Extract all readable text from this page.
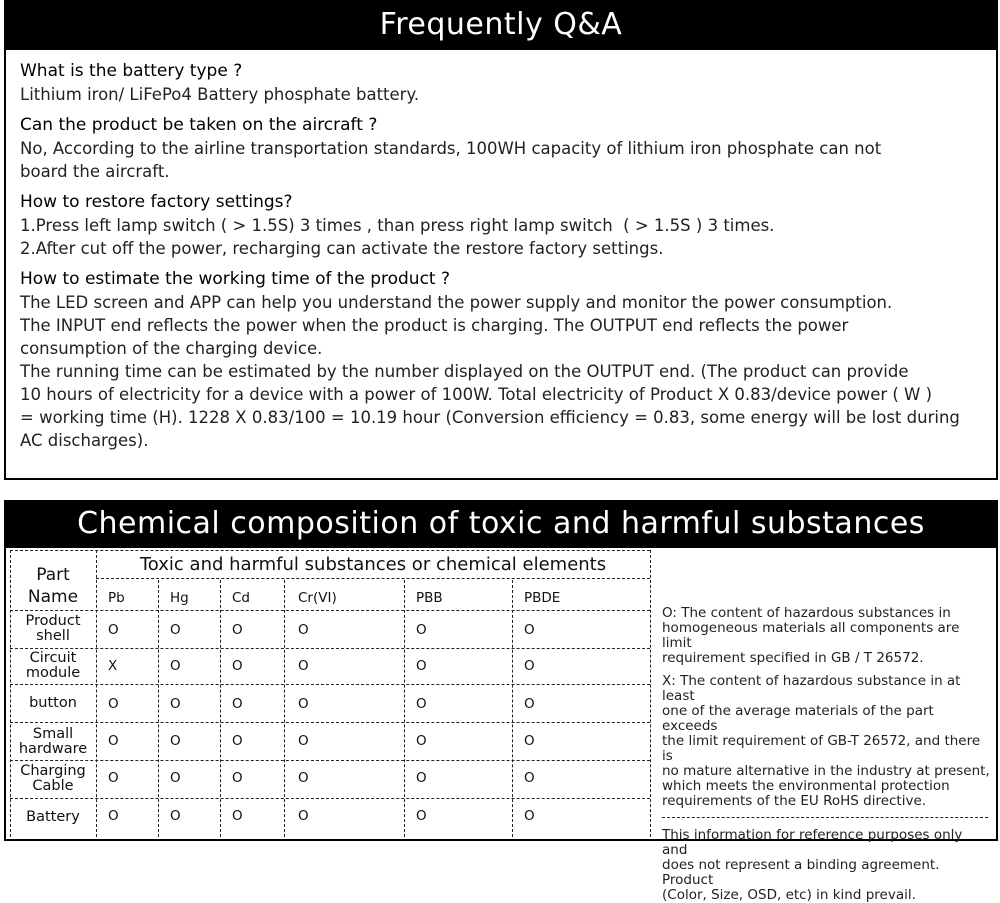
Frequently Q&A
What is the battery type ?
Lithium iron/ LiFePo4 Battery phosphate battery.
Can the product be taken on the aircraft ?
No, According to the airline transportation standards, 100WH capacity of lithium iron phosphate can not
board the aircraft.
How to restore factory settings?
1.Press left lamp switch ( > 1.5S) 3 times , than press right lamp switch  ( > 1.5S ) 3 times.
2.After cut off the power, recharging can activate the restore factory settings.
How to estimate the working time of the product ?
The LED screen and APP can help you understand the power supply and monitor the power consumption.
The INPUT end reflects the power when the product is charging. The OUTPUT end reflects the power
consumption of the charging device.
The running time can be estimated by the number displayed on the OUTPUT end. (The product can provide
10 hours of electricity for a device with a power of 100W. Total electricity of Product X 0.83/device power ( W )
= working time (H). 1228 X 0.83/100 = 10.19 hour (Conversion efficiency = 0.83, some energy will be lost during
AC discharges).
Chemical composition of toxic and harmful substances
Part
Name
Toxic and harmful substances or chemical elements
Pb	Hg	Cd	Cr(VI)	PBB	PBDE
Product
shell	O	O	O	O	O	O
Circuit
module	X	O	O	O	O	O
button	O	O	O	O	O	O
Small
hardware	O	O	O	O	O	O
Charging
Cable	O	O	O	O	O	O
Battery	O	O	O	O	O	O

O: The content of hazardous substances in
homogeneous materials all components are limit
requirement specified in GB / T 26572.

X: The content of hazardous substance in at least
one of the average materials of the part exceeds
the limit requirement of GB-T 26572, and there is
no mature alternative in the industry at present,
which meets the environmental protection
requirements of the EU RoHS directive.

This information for reference purposes only and
does not represent a binding agreement. Product
(Color, Size, OSD, etc) in kind prevail.
